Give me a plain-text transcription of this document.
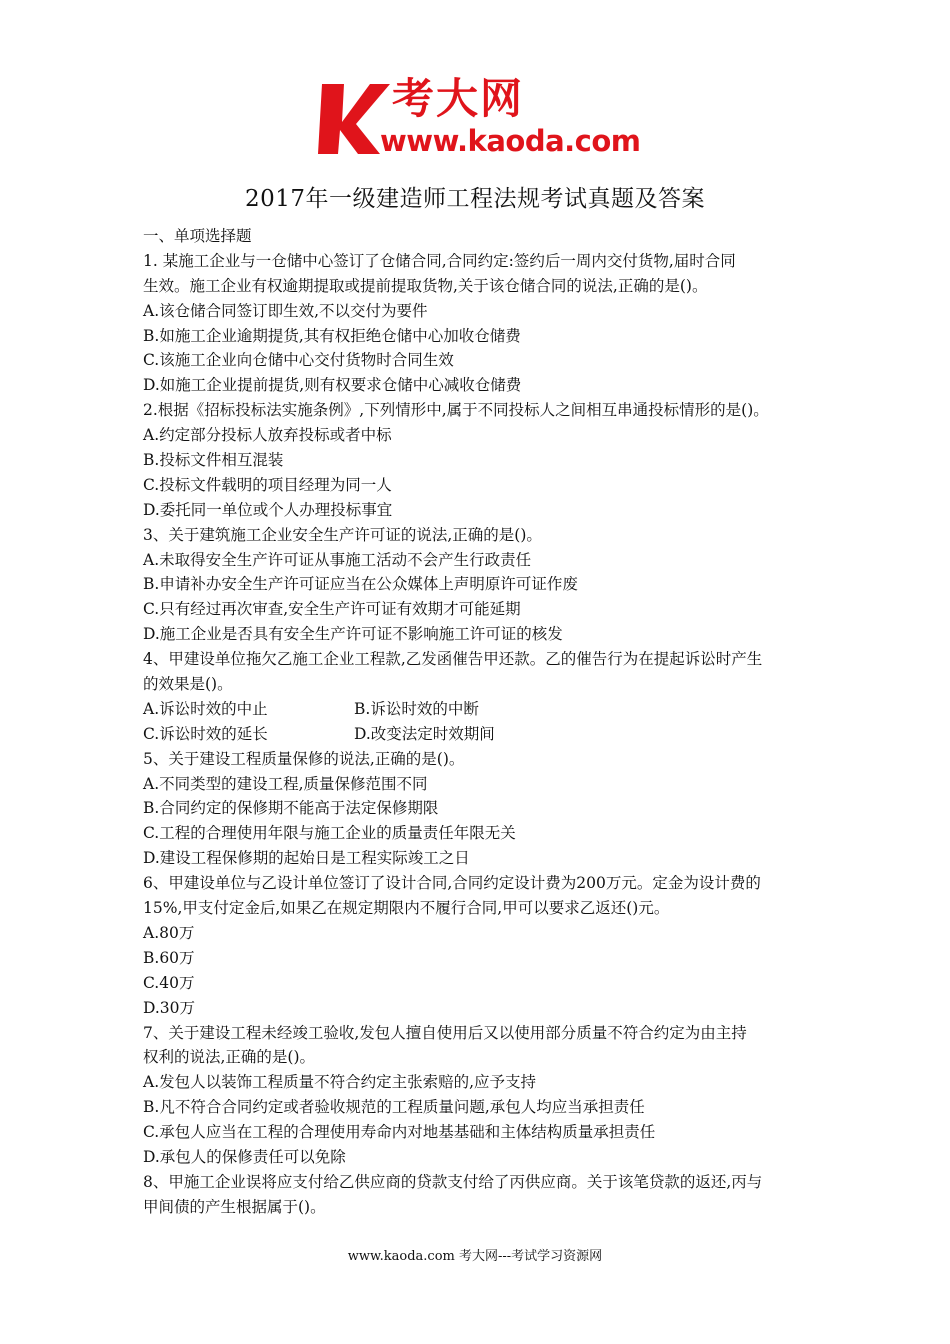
考大网
www.kaoda.com
2017年一级建造师工程法规考试真题及答案
一、单项选择题
1. 某施工企业与一仓储中心签订了仓储合同,合同约定:签约后一周内交付货物,届时合同
生效。施工企业有权逾期提取或提前提取货物,关于该仓储合同的说法,正确的是()。
A.该仓储合同签订即生效,不以交付为要件
B.如施工企业逾期提货,其有权拒绝仓储中心加收仓储费
C.该施工企业向仓储中心交付货物时合同生效
D.如施工企业提前提货,则有权要求仓储中心减收仓储费
2.根据《招标投标法实施条例》,下列情形中,属于不同投标人之间相互串通投标情形的是()。
A.约定部分投标人放弃投标或者中标
B.投标文件相互混装
C.投标文件载明的项目经理为同一人
D.委托同一单位或个人办理投标事宜
3、关于建筑施工企业安全生产许可证的说法,正确的是()。
A.未取得安全生产许可证从事施工活动不会产生行政责任
B.申请补办安全生产许可证应当在公众媒体上声明原许可证作废
C.只有经过再次审查,安全生产许可证有效期才可能延期
D.施工企业是否具有安全生产许可证不影响施工许可证的核发
4、甲建设单位拖欠乙施工企业工程款,乙发函催告甲还款。乙的催告行为在提起诉讼时产生
的效果是()。
A.诉讼时效的中止	B.诉讼时效的中断
C.诉讼时效的延长	D.改变法定时效期间
5、关于建设工程质量保修的说法,正确的是()。
A.不同类型的建设工程,质量保修范围不同
B.合同约定的保修期不能高于法定保修期限
C.工程的合理使用年限与施工企业的质量责任年限无关
D.建设工程保修期的起始日是工程实际竣工之日
6、甲建设单位与乙设计单位签订了设计合同,合同约定设计费为200万元。定金为设计费的
15%,甲支付定金后,如果乙在规定期限内不履行合同,甲可以要求乙返还()元。
A.80万
B.60万
C.40万
D.30万
7、关于建设工程未经竣工验收,发包人擅自使用后又以使用部分质量不符合约定为由主持
权利的说法,正确的是()。
A.发包人以装饰工程质量不符合约定主张索赔的,应予支持
B.凡不符合合同约定或者验收规范的工程质量问题,承包人均应当承担责任
C.承包人应当在工程的合理使用寿命内对地基基础和主体结构质量承担责任
D.承包人的保修责任可以免除
8、甲施工企业误将应支付给乙供应商的贷款支付给了丙供应商。关于该笔贷款的返还,丙与
甲间债的产生根据属于()。
www.kaoda.com 考大网---考试学习资源网
